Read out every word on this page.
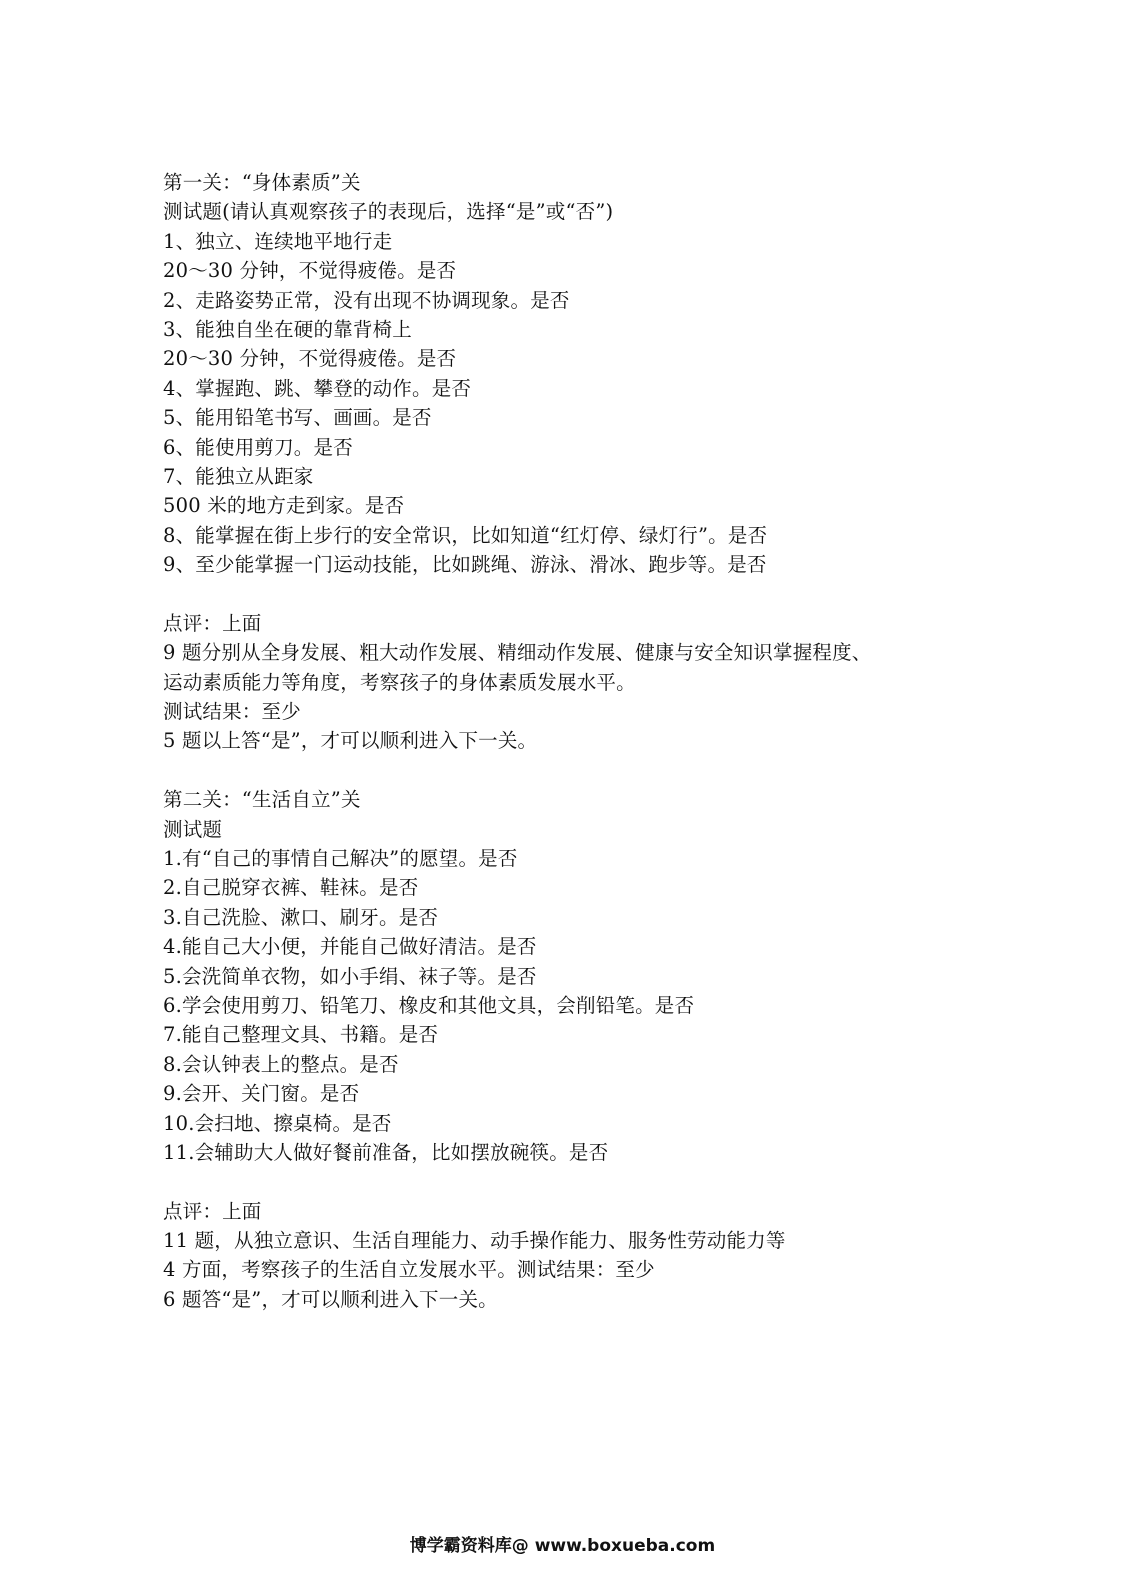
第一关：“身体素质”关
测试题(请认真观察孩子的表现后，选择“是”或“否”)
1、独立、连续地平地行走
20～30 分钟，不觉得疲倦。是否
2、走路姿势正常，没有出现不协调现象。是否
3、能独自坐在硬的靠背椅上
20～30 分钟，不觉得疲倦。是否
4、掌握跑、跳、攀登的动作。是否
5、能用铅笔书写、画画。是否
6、能使用剪刀。是否
7、能独立从距家
500 米的地方走到家。是否
8、能掌握在街上步行的安全常识，比如知道“红灯停、绿灯行”。是否
9、至少能掌握一门运动技能，比如跳绳、游泳、滑冰、跑步等。是否
点评：上面
9 题分别从全身发展、粗大动作发展、精细动作发展、健康与安全知识掌握程度、
运动素质能力等角度，考察孩子的身体素质发展水平。
测试结果：至少
5 题以上答“是”，才可以顺利进入下一关。
第二关：“生活自立”关
测试题
1.有“自己的事情自己解决”的愿望。是否
2.自己脱穿衣裤、鞋袜。是否
3.自己洗脸、漱口、刷牙。是否
4.能自己大小便，并能自己做好清洁。是否
5.会洗简单衣物，如小手绢、袜子等。是否
6.学会使用剪刀、铅笔刀、橡皮和其他文具，会削铅笔。是否
7.能自己整理文具、书籍。是否
8.会认钟表上的整点。是否
9.会开、关门窗。是否
10.会扫地、擦桌椅。是否
11.会辅助大人做好餐前准备，比如摆放碗筷。是否
点评：上面
11 题，从独立意识、生活自理能力、动手操作能力、服务性劳动能力等
4 方面，考察孩子的生活自立发展水平。测试结果：至少
6 题答“是”，才可以顺利进入下一关。
博学霸资料库@ www.boxueba.com
